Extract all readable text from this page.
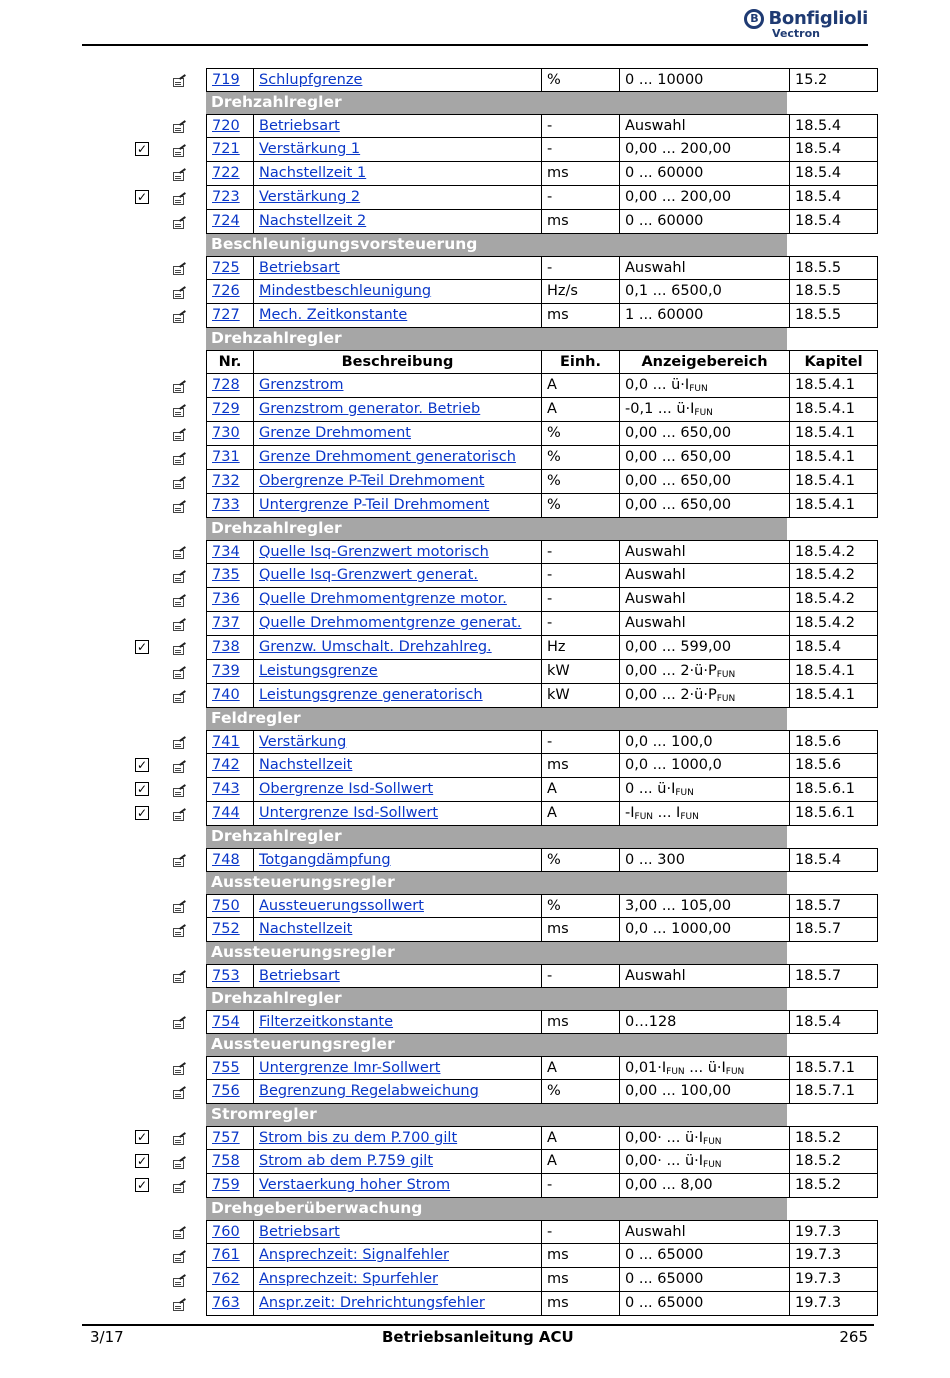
B Bonfiglioli
Vectron
719	Schlupfgrenze	%	0 ... 10000	15.2
Drehzahlregler
720	Betriebsart	-	Auswahl	18.5.4
✓	721	Verstärkung 1	-	0,00 ... 200,00	18.5.4
722	Nachstellzeit 1	ms	0 ... 60000	18.5.4
✓	723	Verstärkung 2	-	0,00 ... 200,00	18.5.4
724	Nachstellzeit 2	ms	0 ... 60000	18.5.4
Beschleunigungsvorsteuerung
725	Betriebsart	-	Auswahl	18.5.5
726	Mindestbeschleunigung	Hz/s	0,1 ... 6500,0	18.5.5
727	Mech. Zeitkonstante	ms	1 ... 60000	18.5.5
Drehzahlregler
Nr.	Beschreibung	Einh.	Anzeigebereich	Kapitel
728	Grenzstrom	A	0,0 ... $ü\cdot I_{FUN}$	18.5.4.1
729	Grenzstrom generator. Betrieb	A	-0,1 ... $ü\cdot I_{FUN}$	18.5.4.1
730	Grenze Drehmoment	%	0,00 ... 650,00	18.5.4.1
731	Grenze Drehmoment generatorisch	%	0,00 ... 650,00	18.5.4.1
732	Obergrenze P-Teil Drehmoment	%	0,00 ... 650,00	18.5.4.1
733	Untergrenze P-Teil Drehmoment	%	0,00 ... 650,00	18.5.4.1
Drehzahlregler
734	Quelle Isq-Grenzwert motorisch	-	Auswahl	18.5.4.2
735	Quelle Isq-Grenzwert generat.	-	Auswahl	18.5.4.2
736	Quelle Drehmomentgrenze motor.	-	Auswahl	18.5.4.2
737	Quelle Drehmomentgrenze generat.	-	Auswahl	18.5.4.2
✓	738	Grenzw. Umschalt. Drehzahlreg.	Hz	0,00 ... 599,00	18.5.4
739	Leistungsgrenze	kW	0,00 ... $2\cdot ü\cdot P_{FUN}$	18.5.4.1
740	Leistungsgrenze generatorisch	kW	0,00 ... $2\cdot ü\cdot P_{FUN}$	18.5.4.1
Feldregler
741	Verstärkung	-	0,0 ... 100,0	18.5.6
✓	742	Nachstellzeit	ms	0,0 ... 1000,0	18.5.6
✓	743	Obergrenze Isd-Sollwert	A	0 ... $ü\cdot I_{FUN}$	18.5.6.1
✓	744	Untergrenze Isd-Sollwert	A	$-I_{FUN}$ ... $I_{FUN}$	18.5.6.1
Drehzahlregler
748	Totgangdämpfung	%	0 ... 300	18.5.4
Aussteuerungsregler
750	Aussteuerungssollwert	%	3,00 ... 105,00	18.5.7
752	Nachstellzeit	ms	0,0 ... 1000,00	18.5.7
Aussteuerungsregler
753	Betriebsart	-	Auswahl	18.5.7
Drehzahlregler
754	Filterzeitkonstante	ms	0…128	18.5.4
Aussteuerungsregler
755	Untergrenze Imr-Sollwert	A	$0,01\cdot I_{FUN}$ ... $ü\cdot I_{FUN}$	18.5.7.1
756	Begrenzung Regelabweichung	%	0,00 ... 100,00	18.5.7.1
Stromregler
✓	757	Strom bis zu dem P.700 gilt	A	0,00· ... $ü\cdot I_{FUN}$	18.5.2
✓	758	Strom ab dem P.759 gilt	A	0,00· ... $ü\cdot I_{FUN}$	18.5.2
✓	759	Verstaerkung hoher Strom	-	0,00 ... 8,00	18.5.2
Drehgeberüberwachung
760	Betriebsart	-	Auswahl	19.7.3
761	Ansprechzeit: Signalfehler	ms	0 ... 65000	19.7.3
762	Ansprechzeit: Spurfehler	ms	0 ... 65000	19.7.3
763	Anspr.zeit: Drehrichtungsfehler	ms	0 ... 65000	19.7.3
3/17	Betriebsanleitung ACU	265
